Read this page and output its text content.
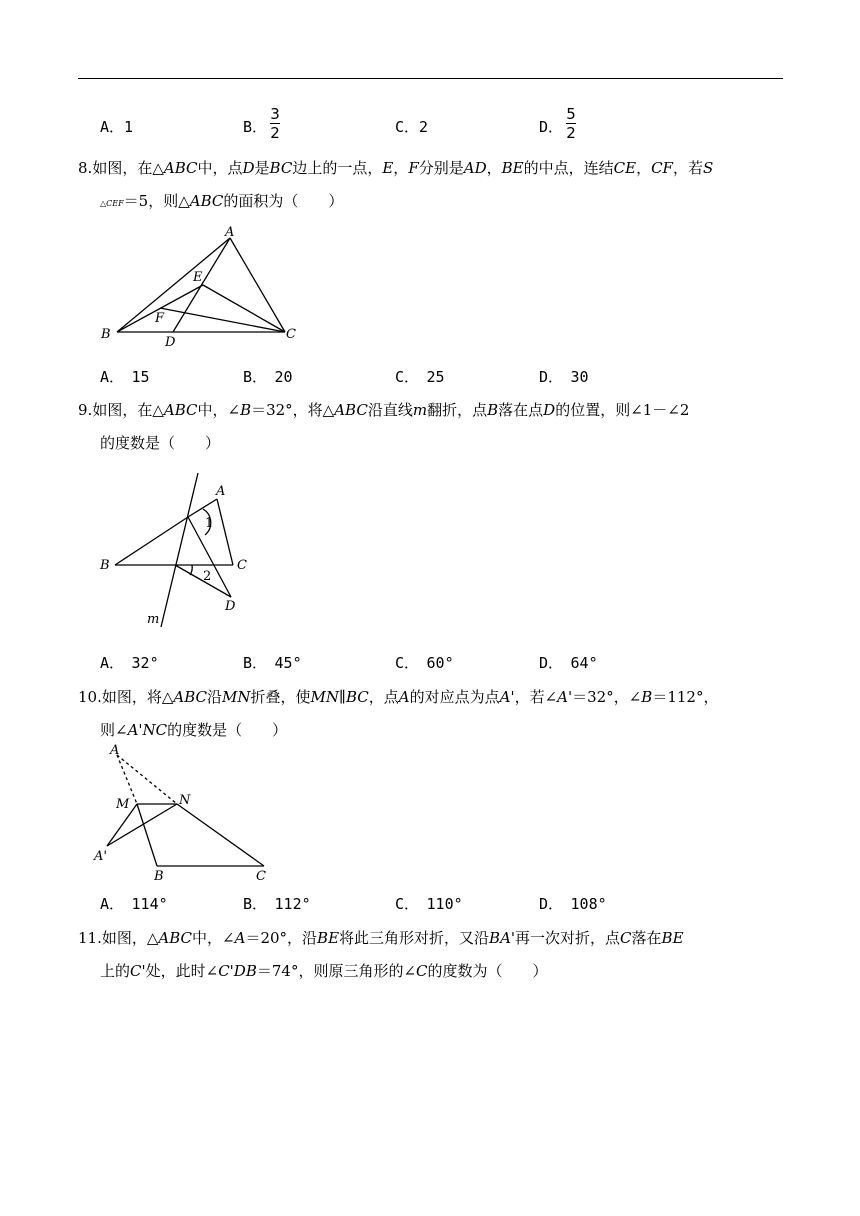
A．1	B．
3
2	C．2	D．
5
2
8.如图，在△ABC中，点D是BC边上的一点，E，F分别是AD，BE的中点，连结CE，CF，若S
△CEF＝5，则△ABC的面积为（　　）
A
B	C
D
E
F
A．　15	B．　20	C．　25	D．　30
9.如图，在△ABC中，∠B＝32°，将△ABC沿直线m翻折，点B落在点D的位置，则∠1－∠2
的度数是（　　）
A
B	C
D
m
1
2
A．　32°	B．　45°	C．　60°	D．　64°
10.如图，将△ABC沿MN折叠，使MN∥BC，点A的对应点为点A'，若∠A'＝32°，∠B＝112°，
则∠A'NC的度数是（　　）
A
M	N
A'
B	C
A．　114°	B．　112°	C．　110°	D．　108°
11.如图，△ABC中，∠A＝20°，沿BE将此三角形对折，又沿BA'再一次对折，点C落在BE
上的C'处，此时∠C'DB＝74°，则原三角形的∠C的度数为（　　）
